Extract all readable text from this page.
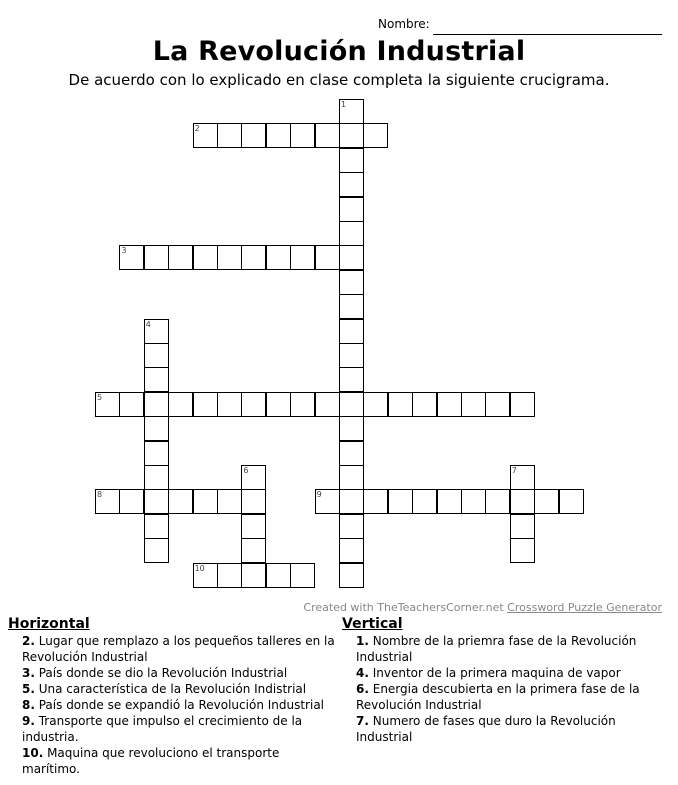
Nombre:
La Revolución Industrial
De acuerdo con lo explicado en clase completa la siguiente crucigrama.
1
2
3
4
5
6	7
8	9
10
Created with TheTeachersCorner.net Crossword Puzzle Generator
Horizontal
2. Lugar que remplazo a los pequeños talleres en la Revolución Industrial
3. País donde se dio la Revolución Industrial
5. Una característica de la Revolución Indistrial
8. País donde se expandió la Revolución Industrial
9. Transporte que impulso el crecimiento de la industria.
10. Maquina que revoluciono el transporte marítimo.
Vertical
1. Nombre de la priemra fase de la Revolución Industrial
4. Inventor de la primera maquina de vapor
6. Energia descubierta en la primera fase de la Revolución Industrial
7. Numero de fases que duro la Revolución Industrial
